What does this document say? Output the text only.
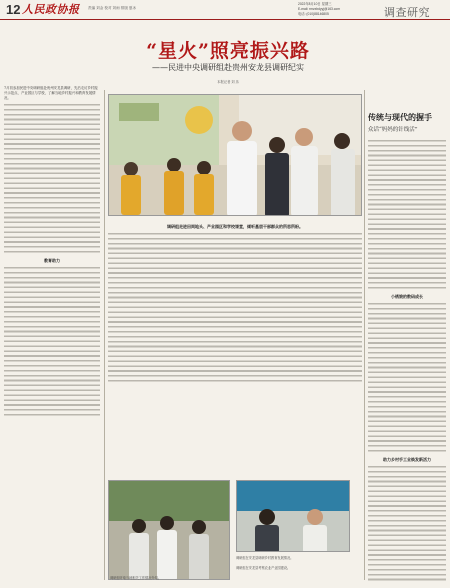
12 人民政协报 责编 刘金 校对 刘雨 排版 夏冰
2022年8月10日 星期三
E-mail: rmzxbdyyj@163.com
电话: (010)88146805	调查研究
“星火”照亮振兴路
——民进中央调研组赴贵州安龙县调研纪实
本报记者 刘 乐

7月初参加民进中央调研组赴贵州安龙县调研，先后走访乡村振兴示范点、产业园区与学校，了解当地乡村振兴和教育发展情况。

教育助力

调研组走进田间地头、产业园区和学校课堂，倾听基层干部群众的所思所盼。

调研组在安龙县调研乡村教育发展情况。
调研组在安龙县考察农业产业园建设。
调研组听取当地相关工作情况介绍。
传统与现代的握手
众话“妈妈的针线活”

小绣娘的数码成长

助力乡村手工业焕发新活力
